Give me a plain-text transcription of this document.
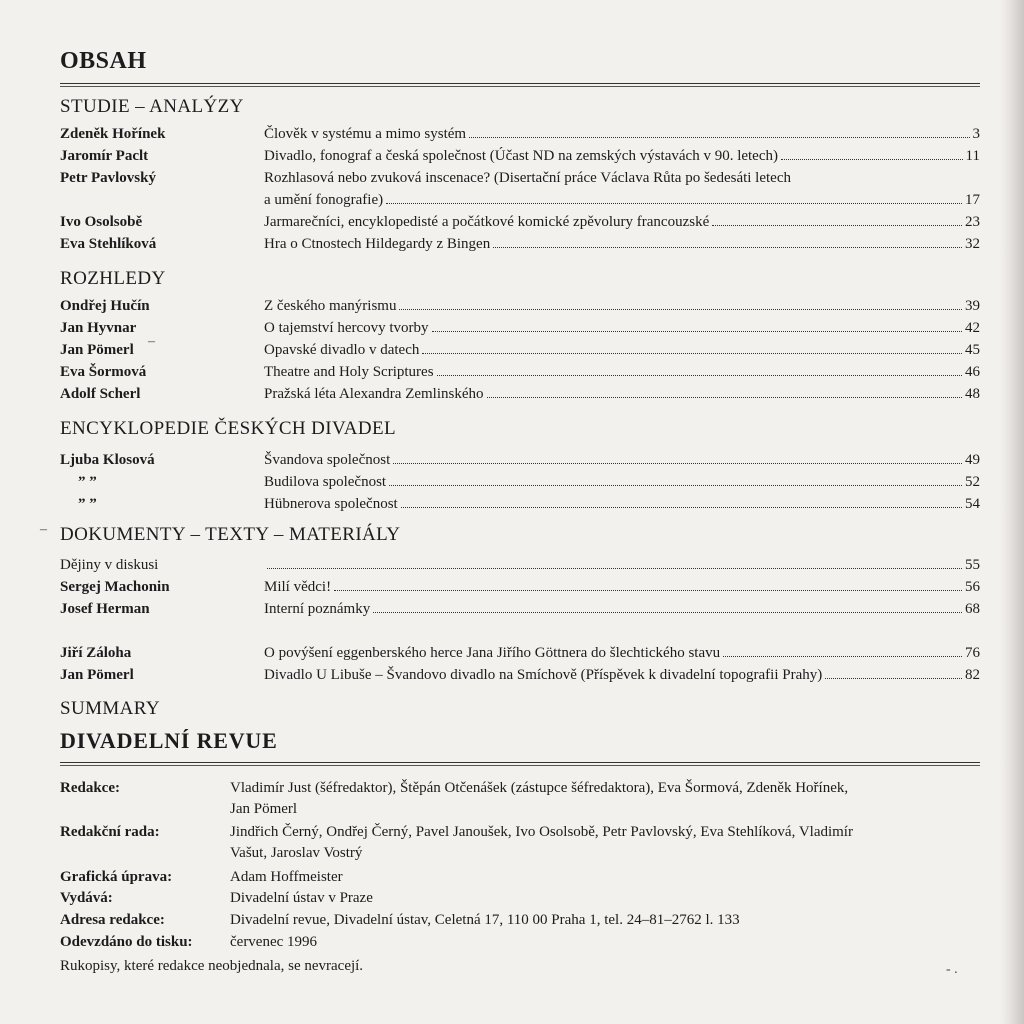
OBSAH
STUDIE – ANALÝZY
Zdeněk Hořínek	Člověk v systému a mimo systém	3
Jaromír Paclt	Divadlo, fonograf a česká společnost (Účast ND na zemských výstavách v 90. letech)	11
Petr Pavlovský	Rozhlasová nebo zvuková inscenace? (Disertační práce Václava Růta po šedesáti letech
a umění fonografie)	17
Ivo Osolsobě	Jarmarečníci, encyklopedisté a počátkové komické zpěvolury francouzské	23
Eva Stehlíková	Hra o Ctnostech Hildegardy z Bingen	32
ROZHLEDY
Ondřej Hučín	Z českého manýrismu	39
Jan Hyvnar	O tajemství hercovy tvorby	42
Jan Pömerl	Opavské divadlo v datech	45
Eva Šormová	Theatre and Holy Scriptures	46
Adolf Scherl	Pražská léta Alexandra Zemlinského	48
ENCYKLOPEDIE ČESKÝCH DIVADEL
Ljuba Klosová	Švandova společnost	49
” ”	Budilova společnost	52
” ”	Hübnerova společnost	54
DOKUMENTY – TEXTY – MATERIÁLY
Dějiny v diskusi	55
Sergej Machonin	Milí vědci!	56
Josef Herman	Interní poznámky	68
Jiří Záloha	O povýšení eggenberského herce Jana Jiřího Göttnera do šlechtického stavu	76
Jan Pömerl	Divadlo U Libuše – Švandovo divadlo na Smíchově (Příspěvek k divadelní topografii Prahy)	82
SUMMARY
DIVADELNÍ REVUE
Redakce:	Vladimír Just (šéfredaktor), Štěpán Otčenášek (zástupce šéfredaktora), Eva Šormová, Zdeněk Hořínek,
Jan Pömerl
Redakční rada:	Jindřich Černý, Ondřej Černý, Pavel Janoušek, Ivo Osolsobě, Petr Pavlovský, Eva Stehlíková, Vladimír
Vašut, Jaroslav Vostrý
Grafická úprava:	Adam Hoffmeister
Vydává:	Divadelní ústav v Praze
Adresa redakce:	Divadelní revue, Divadelní ústav, Celetná 17, 110 00 Praha 1, tel. 24–81–2762 l. 133
Odevzdáno do tisku:	červenec 1996
Rukopisy, které redakce neobjednala, se nevracejí.
–
–
- .
